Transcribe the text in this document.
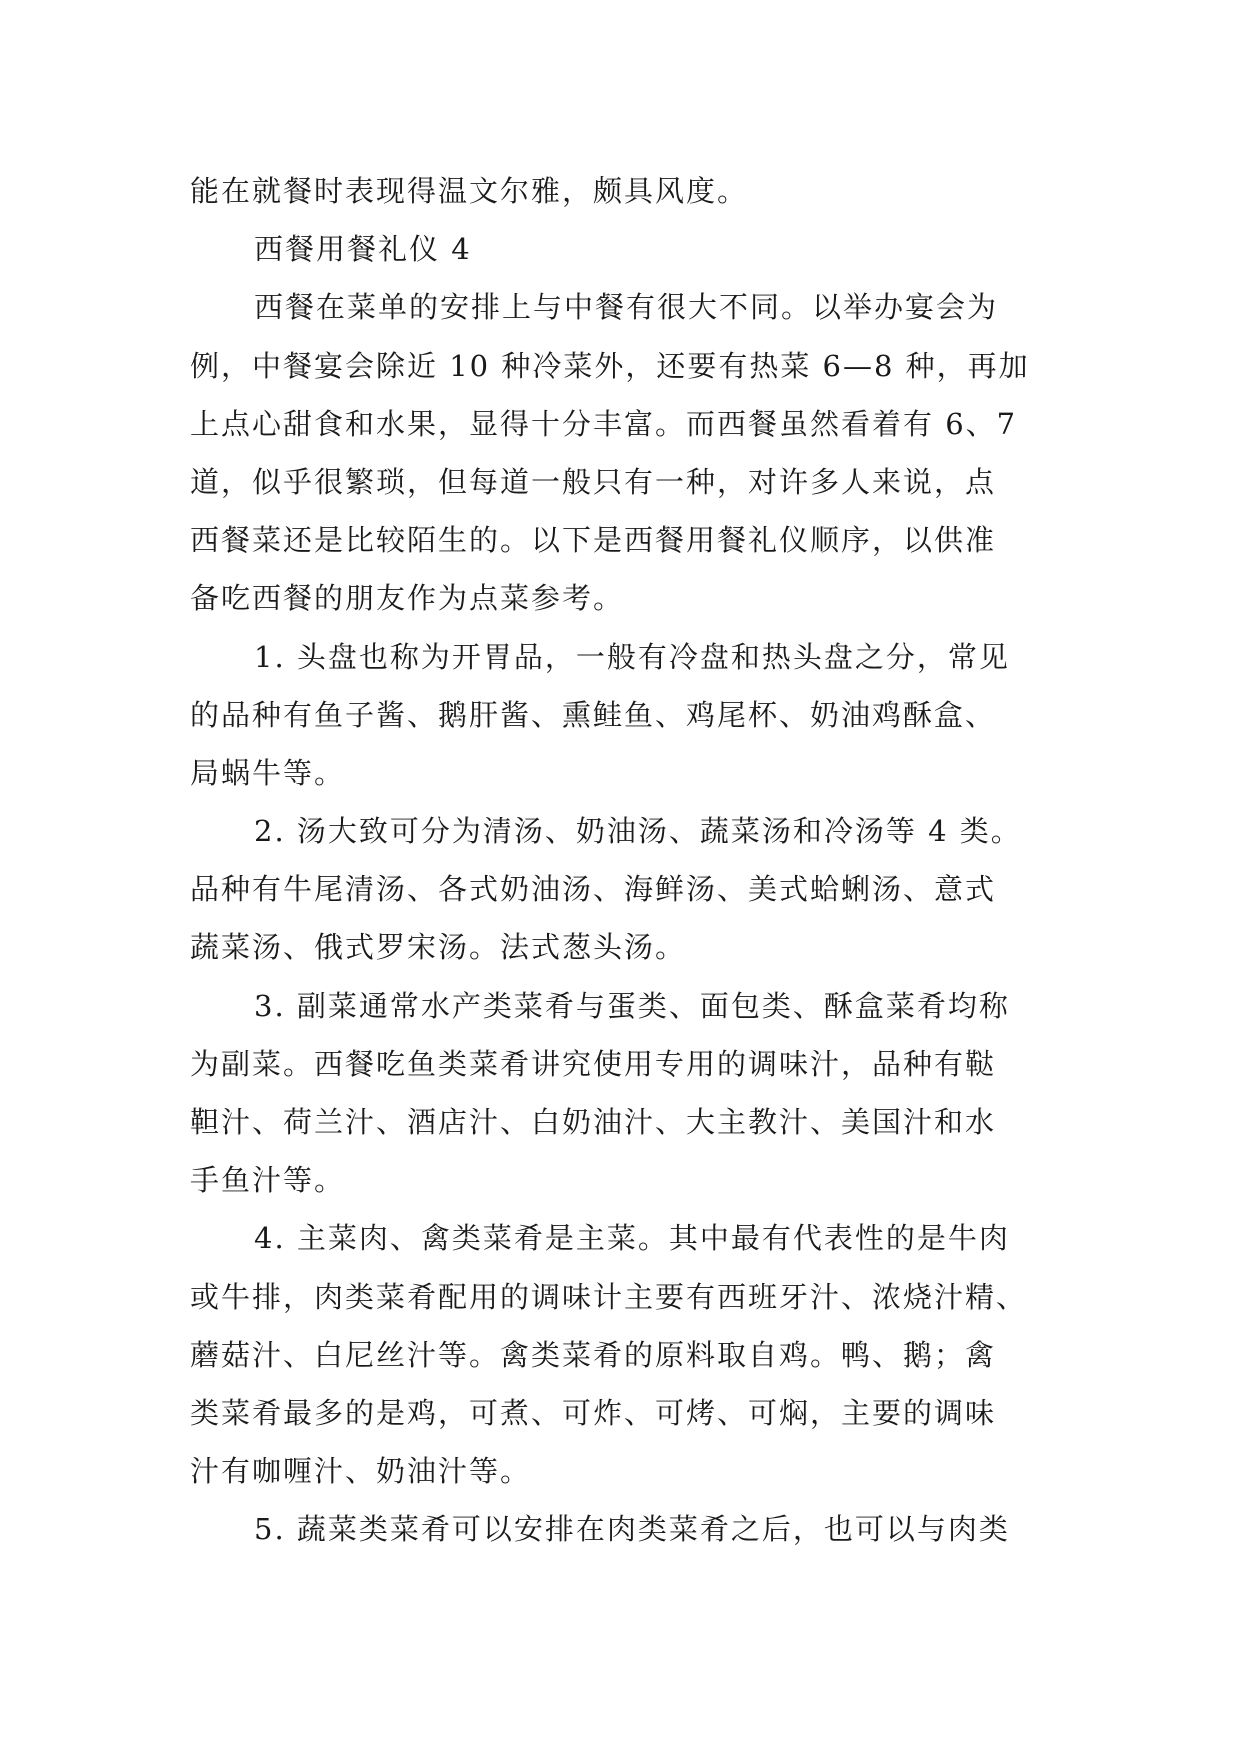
能在就餐时表现得温文尔雅，颇具风度。
西餐用餐礼仪 4
西餐在菜单的安排上与中餐有很大不同。以举办宴会为
例，中餐宴会除近 10 种冷菜外，还要有热菜 6—8 种，再加
上点心甜食和水果，显得十分丰富。而西餐虽然看着有 6、7
道，似乎很繁琐，但每道一般只有一种，对许多人来说，点
西餐菜还是比较陌生的。以下是西餐用餐礼仪顺序，以供准
备吃西餐的朋友作为点菜参考。
1. 头盘也称为开胃品，一般有冷盘和热头盘之分，常见
的品种有鱼子酱、鹅肝酱、熏鲑鱼、鸡尾杯、奶油鸡酥盒、
局蜗牛等。
2. 汤大致可分为清汤、奶油汤、蔬菜汤和冷汤等 4 类。
品种有牛尾清汤、各式奶油汤、海鲜汤、美式蛤蜊汤、意式
蔬菜汤、俄式罗宋汤。法式葱头汤。
3. 副菜通常水产类菜肴与蛋类、面包类、酥盒菜肴均称
为副菜。西餐吃鱼类菜肴讲究使用专用的调味汁，品种有鞑
靼汁、荷兰汁、酒店汁、白奶油汁、大主教汁、美国汁和水
手鱼汁等。
4. 主菜肉、禽类菜肴是主菜。其中最有代表性的是牛肉
或牛排，肉类菜肴配用的调味计主要有西班牙汁、浓烧汁精、
蘑菇汁、白尼丝汁等。禽类菜肴的原料取自鸡。鸭、鹅；禽
类菜肴最多的是鸡，可煮、可炸、可烤、可焖，主要的调味
汁有咖喱汁、奶油汁等。
5. 蔬菜类菜肴可以安排在肉类菜肴之后，也可以与肉类
